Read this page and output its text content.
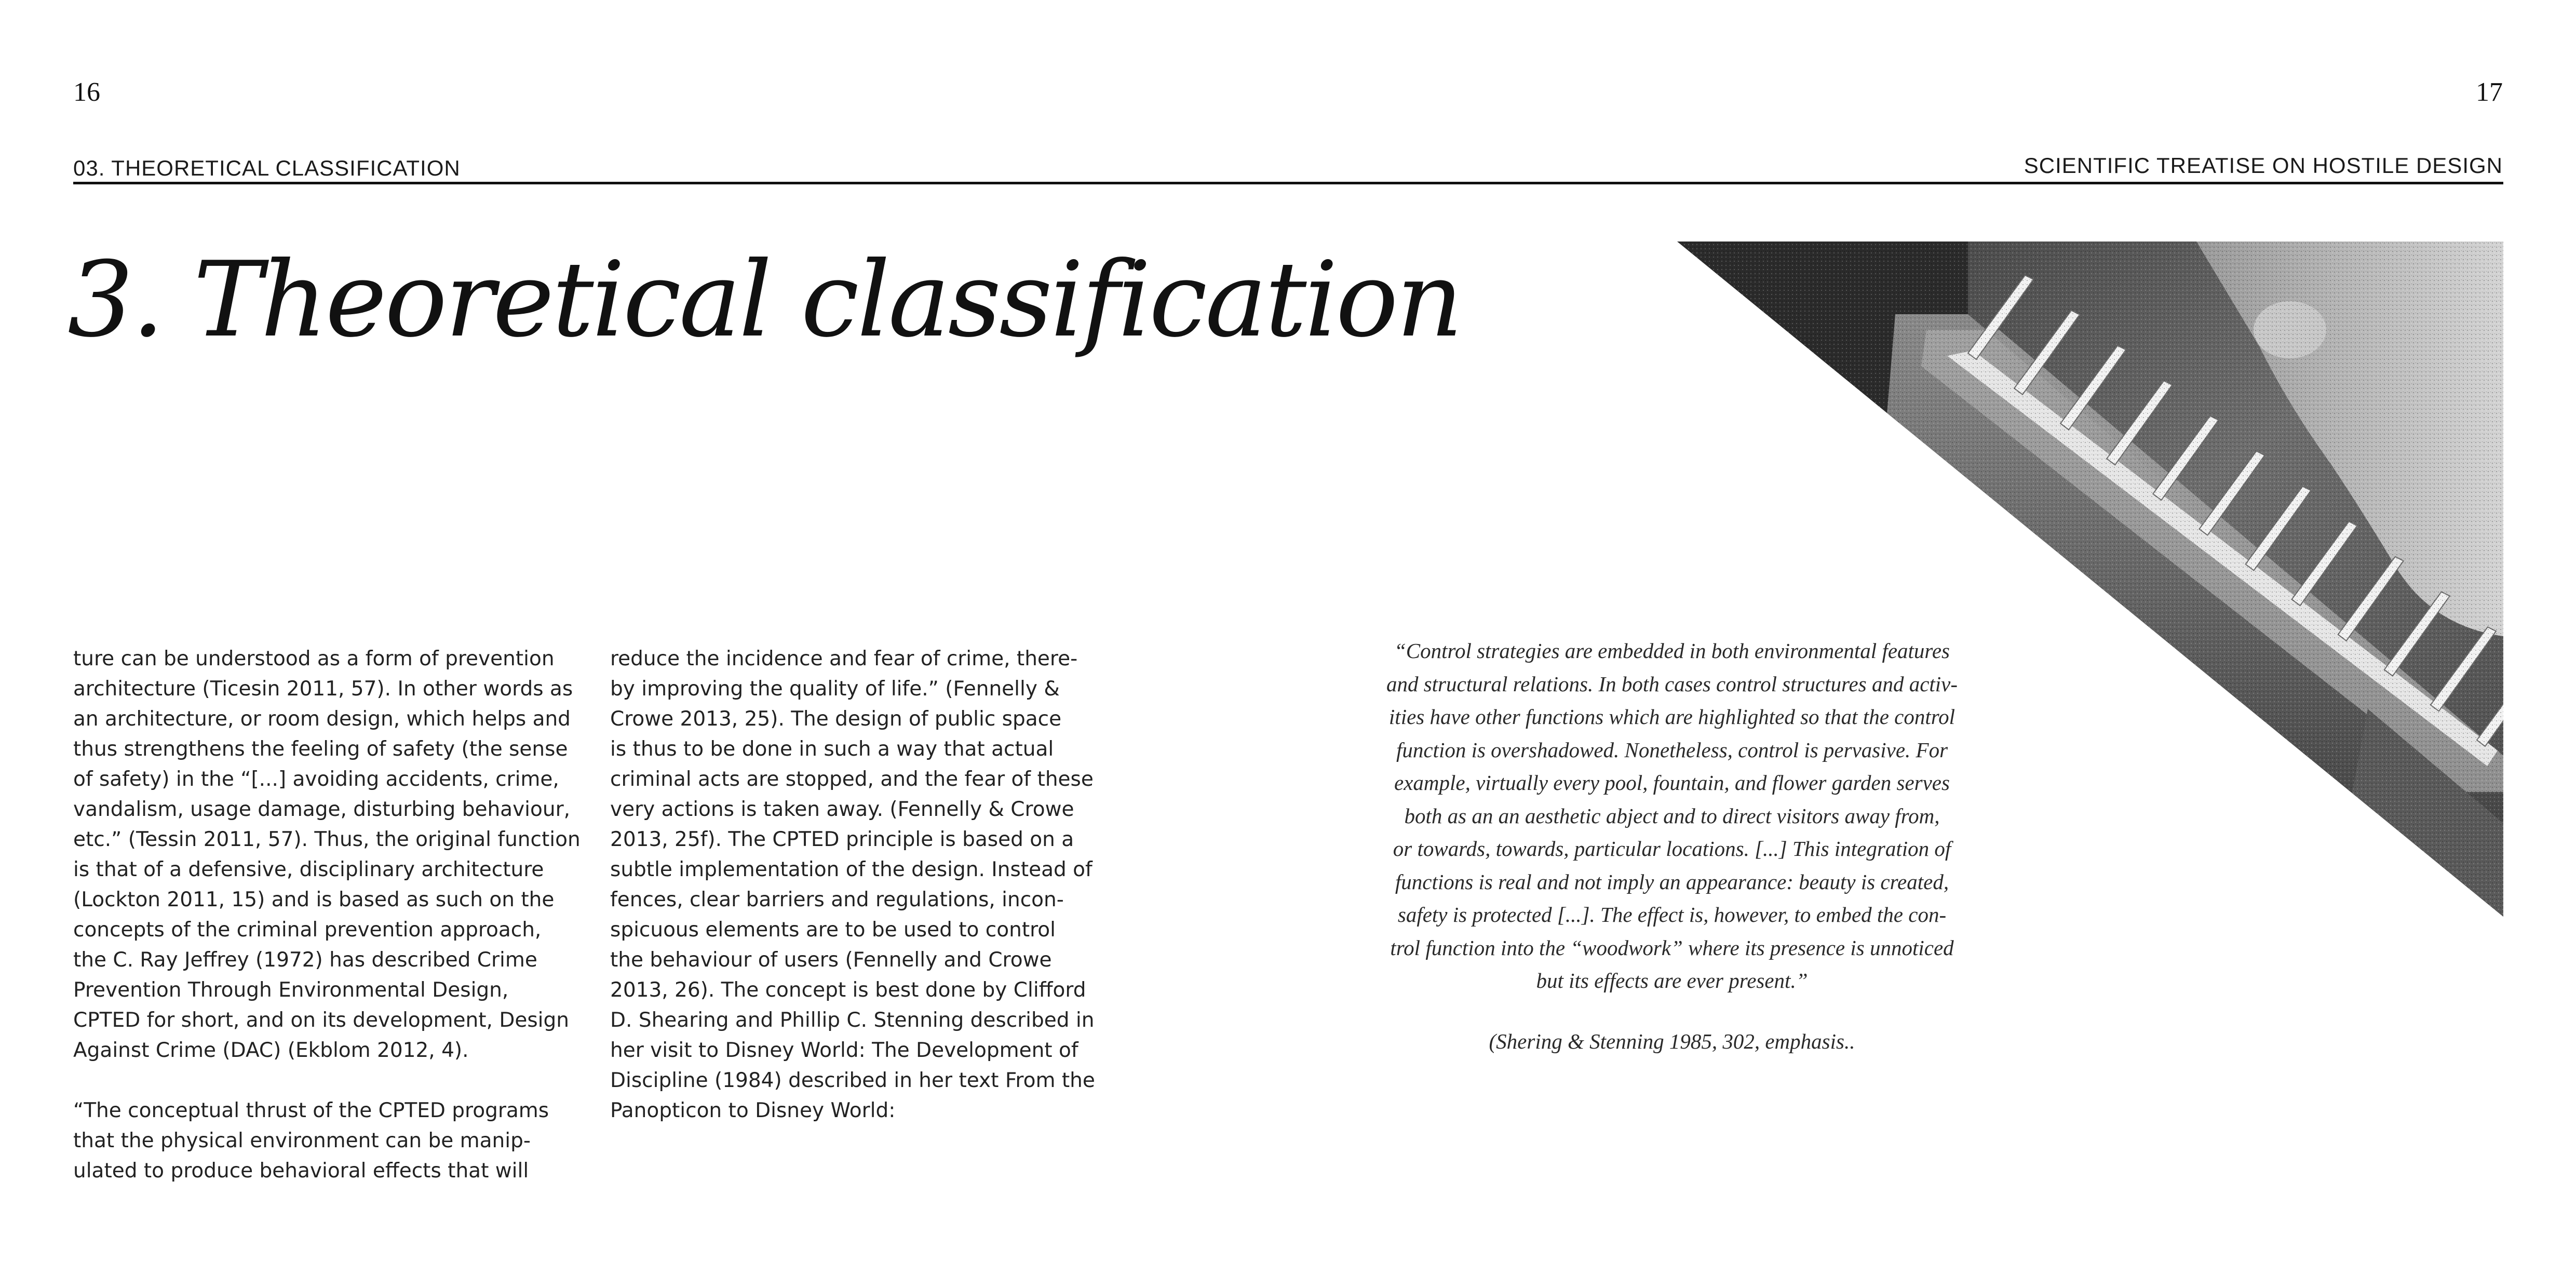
16
03. THEORETICAL CLASSIFICATION
17
SCIENTIFIC TREATISE ON HOSTILE DESIGN
3. Theoretical classification

ture can be understood as a form of prevention

architecture (Ticesin 2011, 57). In other words as

an architecture, or room design, which helps and

thus strengthens the feeling of safety (the sense

of safety) in the “[...] avoiding accidents, crime,

vandalism, usage damage, disturbing behaviour,

etc.” (Tessin 2011, 57). Thus, the original function

is that of a defensive, disciplinary architecture

(Lockton 2011, 15) and is based as such on the

concepts of the criminal prevention approach,

the C. Ray Jeffrey (1972) has described Crime

Prevention Through Environmental Design,

CPTED for short, and on its development, Design

Against Crime (DAC) (Ekblom 2012, 4).

“The conceptual thrust of the CPTED programs

that the physical environment can be manip-

ulated to produce behavioral effects that will

reduce the incidence and fear of crime, there-

by improving the quality of life.” (Fennelly &

Crowe 2013, 25). The design of public space

is thus to be done in such a way that actual

criminal acts are stopped, and the fear of these

very actions is taken away. (Fennelly & Crowe

2013, 25f). The CPTED principle is based on a

subtle implementation of the design. Instead of

fences, clear barriers and regulations, incon-

spicuous elements are to be used to control

the behaviour of users (Fennelly and Crowe

2013, 26). The concept is best done by Clifford

D. Shearing and Phillip C. Stenning described in

her visit to Disney World: The Development of

Discipline (1984) described in her text From the

Panopticon to Disney World:

“Control strategies are embedded in both environmental features

and structural relations. In both cases control structures and activ-

ities have other functions which are highlighted so that the control

function is overshadowed. Nonetheless, control is pervasive. For

example, virtually every pool, fountain, and flower garden serves

both as an an aesthetic abject and to direct visitors away from,

or towards, towards, particular locations. [...] This integration of

functions is real and not imply an appearance: beauty is created,

safety is protected [...]. The effect is, however, to embed the con-

trol function into the “woodwork” where its presence is unnoticed

but its effects are ever present.”

(Shering & Stenning 1985, 302, emphasis..
